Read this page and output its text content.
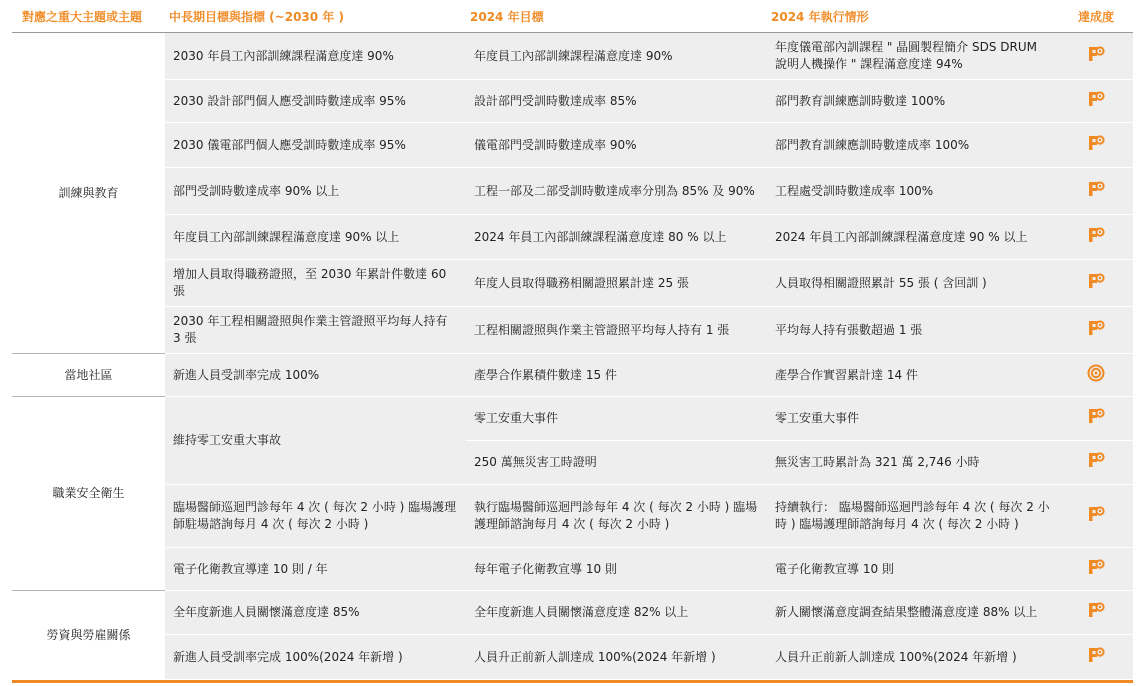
對應之重大主題或主題	中長期目標與指標 (~2030 年 )	2024 年目標	2024 年執行情形	達成度
訓練與教育	2030 年員工內部訓練課程滿意度達 90%	年度員工內部訓練課程滿意度達 90%	年度儀電部內訓課程 " 晶圓製程簡介 SDS DRUM 說明人機操作 " 課程滿意度達 94%	
	2030 設計部門個人應受訓時數達成率 95%	設計部門受訓時數達成率 85%	部門教育訓練應訓時數達 100%	
	2030 儀電部門個人應受訓時數達成率 95%	儀電部門受訓時數達成率 90%	部門教育訓練應訓時數達成率 100%	
	部門受訓時數達成率 90% 以上	工程一部及二部受訓時數達成率分別為 85% 及 90%	工程處受訓時數達成率 100%	
	年度員工內部訓練課程滿意度達 90% 以上	2024 年員工內部訓練課程滿意度達 80 % 以上	2024 年員工內部訓練課程滿意度達 90 % 以上	
	增加人員取得職務證照，至 2030 年累計件數達 60 張	年度人員取得職務相關證照累計達 25 張	人員取得相關證照累計 55 張 ( 含回訓 )	
	2030 年工程相關證照與作業主管證照平均每人持有 3 張	工程相關證照與作業主管證照平均每人持有 1 張	平均每人持有張數超過 1 張	
當地社區	新進人員受訓率完成 100%	產學合作累積件數達 15 件	產學合作實習累計達 14 件	
職業安全衛生	維持零工安重大事故	零工安重大事件	零工安重大事件	
		250 萬無災害工時證明	無災害工時累計為 321 萬 2,746 小時	
	臨場醫師巡迴門診每年 4 次 ( 每次 2 小時 ) 臨場護理師駐場諮詢每月 4 次 ( 每次 2 小時 )	執行臨場醫師巡迴門診每年 4 次 ( 每次 2 小時 ) 臨場護理師諮詢每月 4 次 ( 每次 2 小時 )	持續執行： 臨場醫師巡迴門診每年 4 次 ( 每次 2 小時 ) 臨場護理師諮詢每月 4 次 ( 每次 2 小時 )	
	電子化衛教宣導達 10 則 / 年	每年電子化衛教宣導 10 則	電子化衛教宣導 10 則	
勞資與勞雇關係	全年度新進人員關懷滿意度達 85%	全年度新進人員關懷滿意度達 82% 以上	新人關懷滿意度調查結果整體滿意度達 88% 以上	
	新進人員受訓率完成 100%(2024 年新增 )	人員升正前新人訓達成 100%(2024 年新增 )	人員升正前新人訓達成 100%(2024 年新增 )	
